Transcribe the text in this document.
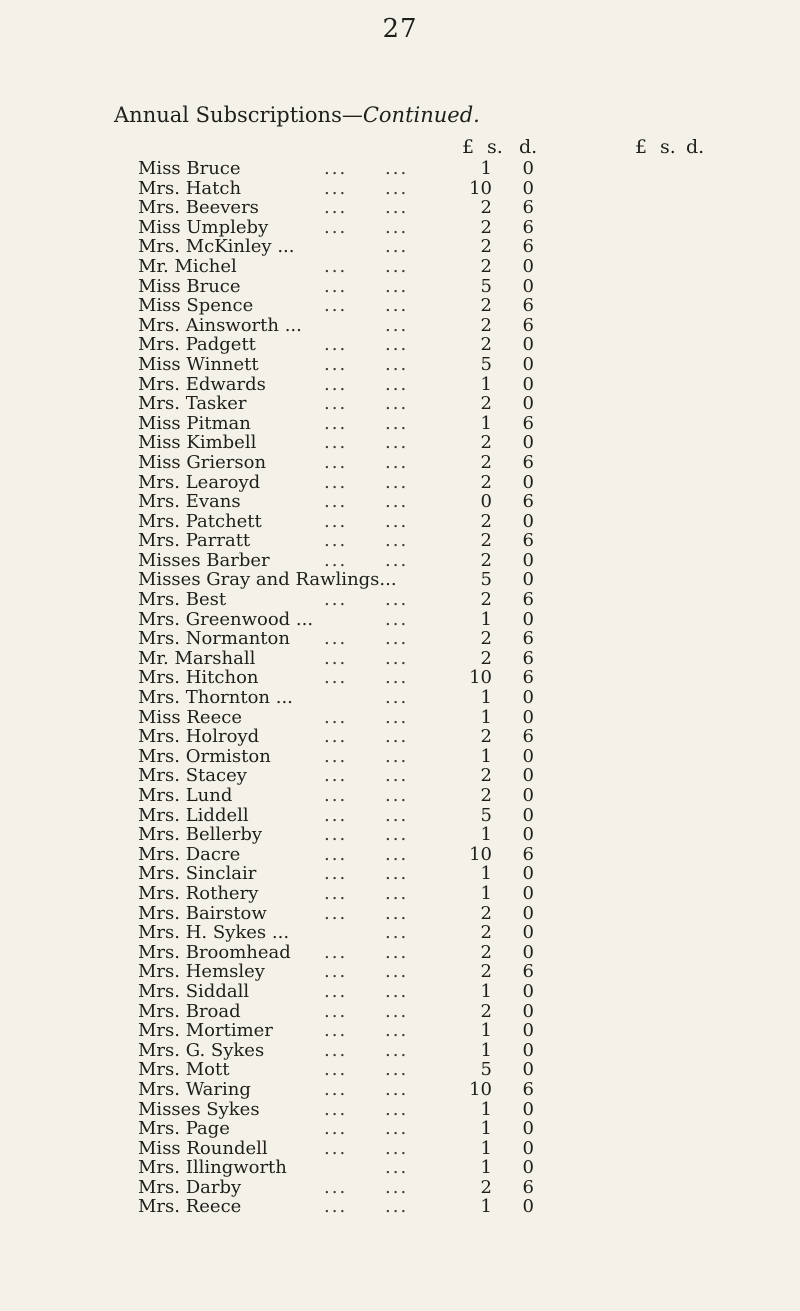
27
Annual Subscriptions—Continued.
£ s. d.	£ s. d.
Miss Bruce	... ...	1	0
Mrs. Hatch	... ...	10	0
Mrs. Beevers	... ...	2	6
Miss Umpleby	... ...	2	6
Mrs. McKinley ...	...	2	6
Mr. Michel	... ...	2	0
Miss Bruce	... ...	5	0
Miss Spence	... ...	2	6
Mrs. Ainsworth ...	...	2	6
Mrs. Padgett	... ...	2	0
Miss Winnett	... ...	5	0
Mrs. Edwards	... ...	1	0
Mrs. Tasker	... ...	2	0
Miss Pitman	... ...	1	6
Miss Kimbell	... ...	2	0
Miss Grierson	... ...	2	6
Mrs. Learoyd	... ...	2	0
Mrs. Evans	... ...	0	6
Mrs. Patchett	... ...	2	0
Mrs. Parratt	... ...	2	6
Misses Barber	... ...	2	0
Misses Gray and Rawlings...	5	0
Mrs. Best	... ...	2	6
Mrs. Greenwood ...	...	1	0
Mrs. Normanton ... ...	2	6
Mr. Marshall	... ...	2	6
Mrs. Hitchon	... ...	10	6
Mrs. Thornton ...	...	1	0
Miss Reece	... ...	1	0
Mrs. Holroyd	... ...	2	6
Mrs. Ormiston	... ...	1	0
Mrs. Stacey	... ...	2	0
Mrs. Lund	... ...	2	0
Mrs. Liddell	... ...	5	0
Mrs. Bellerby	... ...	1	0
Mrs. Dacre	... ...	10	6
Mrs. Sinclair	... ...	1	0
Mrs. Rothery	... ...	1	0
Mrs. Bairstow	... ...	2	0
Mrs. H. Sykes ...	...	2	0
Mrs. Broomhead ... ...	2	0
Mrs. Hemsley	... ...	2	6
Mrs. Siddall	... ...	1	0
Mrs. Broad	... ...	2	0
Mrs. Mortimer	... ...	1	0
Mrs. G. Sykes	... ...	1	0
Mrs. Mott	... ...	5	0
Mrs. Waring	... ...	10	6
Misses Sykes	... ...	1	0
Mrs. Page	... ...	1	0
Miss Roundell	... ...	1	0
Mrs. Illingworth	...	1	0
Mrs. Darby	... ...	2	6
Mrs. Reece	... ...	1	0
